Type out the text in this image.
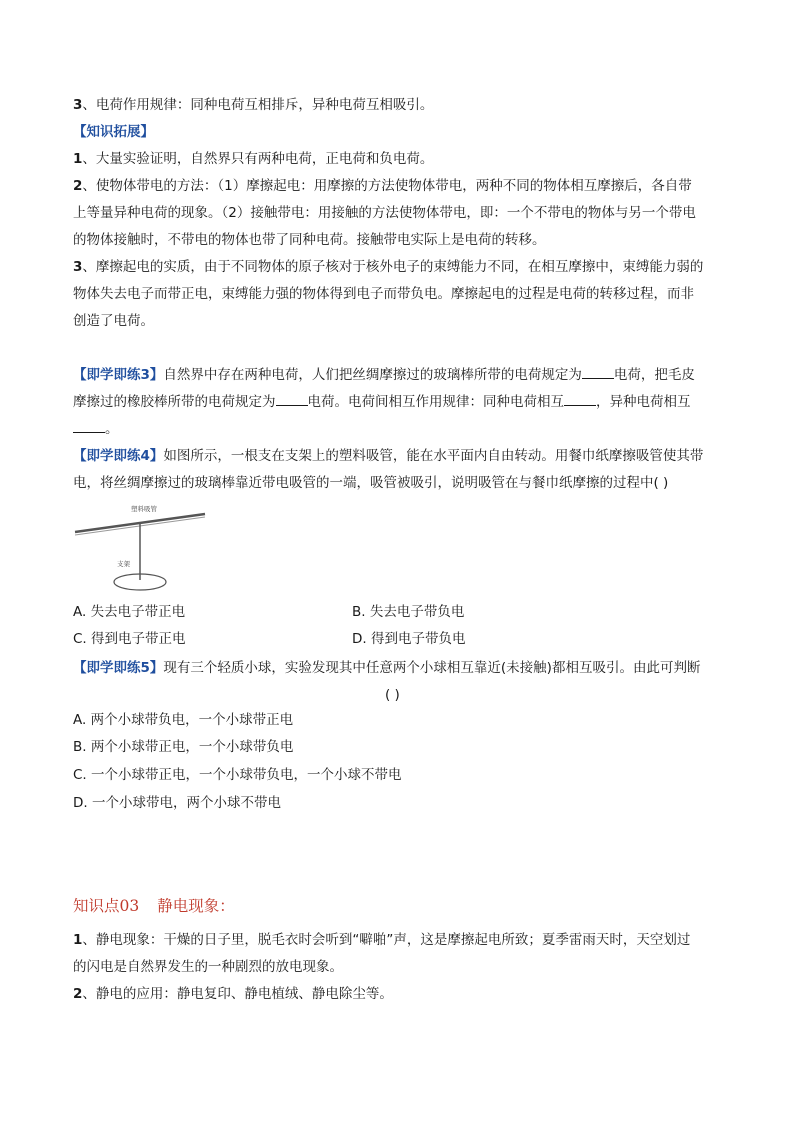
3、电荷作用规律：同种电荷互相排斥，异种电荷互相吸引。
【知识拓展】
1、大量实验证明，自然界只有两种电荷，正电荷和负电荷。
2、使物体带电的方法：（1）摩擦起电：用摩擦的方法使物体带电，两种不同的物体相互摩擦后，各自带
上等量异种电荷的现象。（2）接触带电：用接触的方法使物体带电，即：一个不带电的物体与另一个带电
的物体接触时，不带电的物体也带了同种电荷。接触带电实际上是电荷的转移。
3、摩擦起电的实质，由于不同物体的原子核对于核外电子的束缚能力不同，在相互摩擦中，束缚能力弱的
物体失去电子而带正电，束缚能力强的物体得到电子而带负电。摩擦起电的过程是电荷的转移过程，而非
创造了电荷。
【即学即练3】自然界中存在两种电荷，人们把丝绸摩擦过的玻璃棒所带的电荷规定为 电荷，把毛皮
摩擦过的橡胶棒所带的电荷规定为 电荷。电荷间相互作用规律：同种电荷相互 ，异种电荷相互
。
【即学即练4】如图所示，一根支在支架上的塑料吸管，能在水平面内自由转动。用餐巾纸摩擦吸管使其带
电，将丝绸摩擦过的玻璃棒靠近带电吸管的一端，吸管被吸引，说明吸管在与餐巾纸摩擦的过程中( )
塑料吸管
支架
A. 失去电子带正电	B. 失去电子带负电
C. 得到电子带正电	D. 得到电子带负电
【即学即练5】现有三个轻质小球，实验发现其中任意两个小球相互靠近(未接触)都相互吸引。由此可判断
( )
A. 两个小球带负电，一个小球带正电
B. 两个小球带正电，一个小球带负电
C. 一个小球带正电，一个小球带负电，一个小球不带电
D. 一个小球带电，两个小球不带电
知识点03 静电现象：
1、静电现象：干燥的日子里，脱毛衣时会听到“噼啪”声，这是摩擦起电所致；夏季雷雨天时，天空划过
的闪电是自然界发生的一种剧烈的放电现象。
2、静电的应用：静电复印、静电植绒、静电除尘等。
